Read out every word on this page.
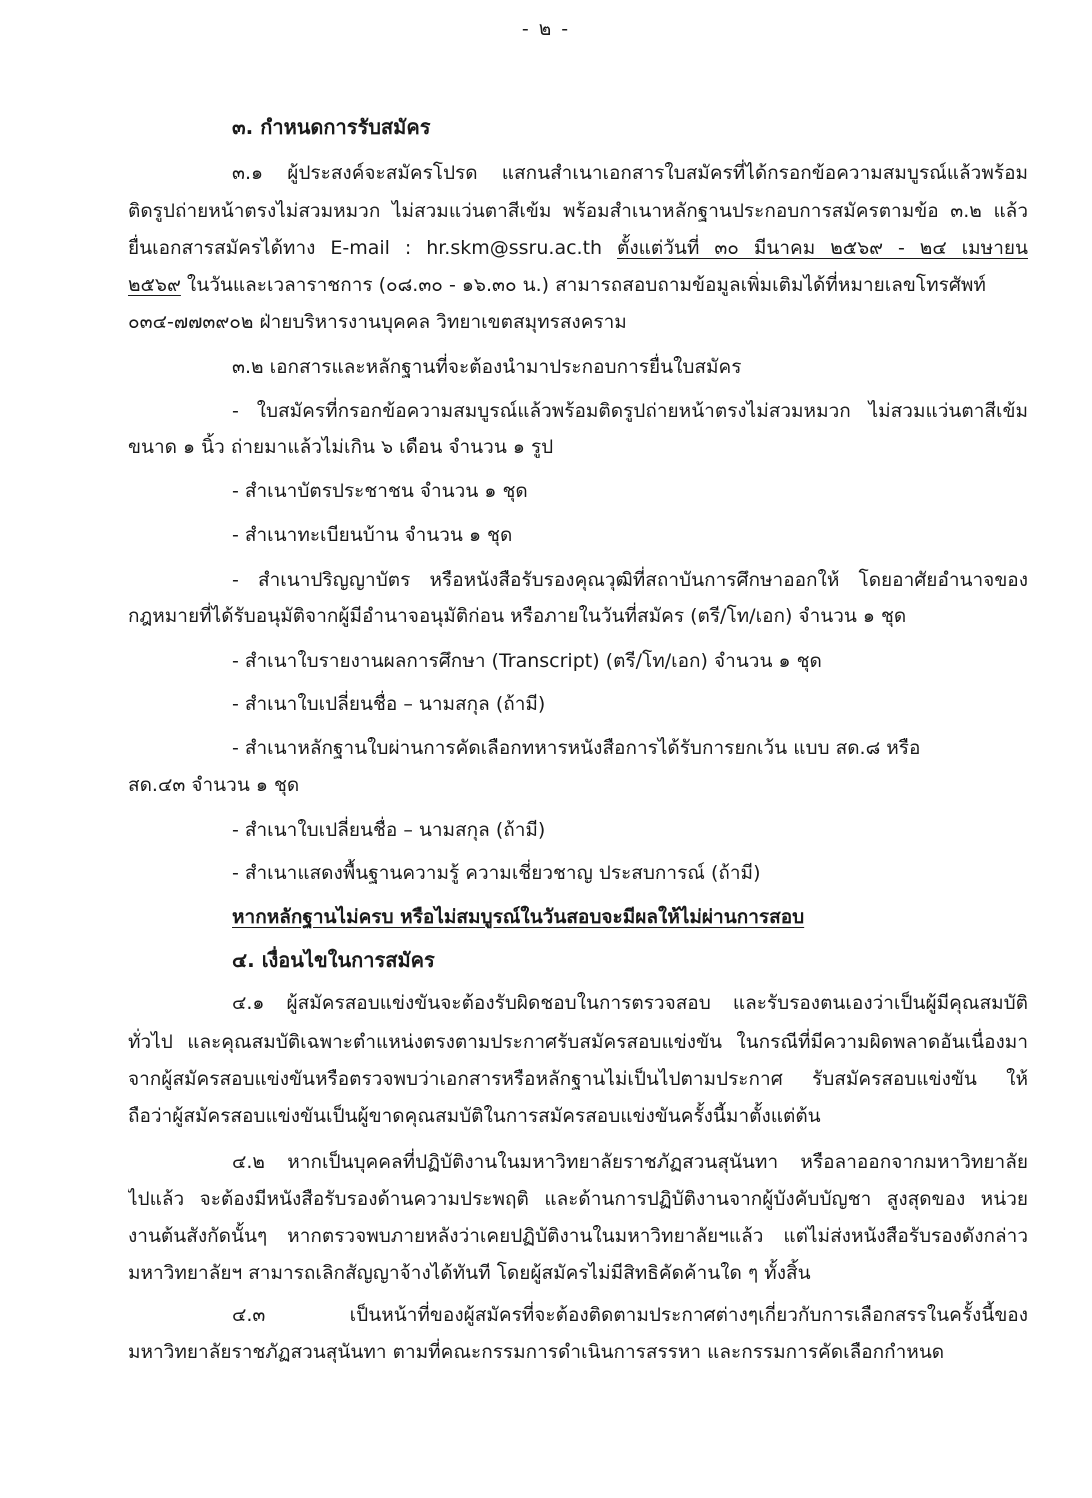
- ๒ -
๓. กำหนดการรับสมัคร
๓.๑ ผู้ประสงค์จะสมัครโปรด แสกนสำเนาเอกสารใบสมัครที่ได้กรอกข้อความสมบูรณ์แล้วพร้อม
ติดรูปถ่ายหน้าตรงไม่สวมหมวก ไม่สวมแว่นตาสีเข้ม พร้อมสำเนาหลักฐานประกอบการสมัครตามข้อ ๓.๒ แล้ว
ยื่นเอกสารสมัครได้ทาง E-mail : hr.skm@ssru.ac.th ตั้งแต่วันที่ ๓๐ มีนาคม ๒๕๖๙ - ๒๔ เมษายน
๒๕๖๙ ในวันและเวลาราชการ (๐๘.๓๐ - ๑๖.๓๐ น.) สามารถสอบถามข้อมูลเพิ่มเติมได้ที่หมายเลขโทรศัพท์
๐๓๔-๗๗๓๙๐๒ ฝ่ายบริหารงานบุคคล วิทยาเขตสมุทรสงคราม
๓.๒ เอกสารและหลักฐานที่จะต้องนำมาประกอบการยื่นใบสมัคร
- ใบสมัครที่กรอกข้อความสมบูรณ์แล้วพร้อมติดรูปถ่ายหน้าตรงไม่สวมหมวก ไม่สวมแว่นตาสีเข้ม
ขนาด ๑ นิ้ว ถ่ายมาแล้วไม่เกิน ๖ เดือน จำนวน ๑ รูป
- สำเนาบัตรประชาชน จำนวน ๑ ชุด
- สำเนาทะเบียนบ้าน จำนวน ๑ ชุด
- สำเนาปริญญาบัตร หรือหนังสือรับรองคุณวุฒิที่สถาบันการศึกษาออกให้ โดยอาศัยอำนาจของ
กฎหมายที่ได้รับอนุมัติจากผู้มีอำนาจอนุมัติก่อน หรือภายในวันที่สมัคร (ตรี/โท/เอก) จำนวน ๑ ชุด
- สำเนาใบรายงานผลการศึกษา (Transcript) (ตรี/โท/เอก) จำนวน ๑ ชุด
- สำเนาใบเปลี่ยนชื่อ – นามสกุล (ถ้ามี)
- สำเนาหลักฐานใบผ่านการคัดเลือกทหารหนังสือการได้รับการยกเว้น แบบ สด.๘ หรือ
สด.๔๓ จำนวน ๑ ชุด
- สำเนาใบเปลี่ยนชื่อ – นามสกุล (ถ้ามี)
- สำเนาแสดงพื้นฐานความรู้ ความเชี่ยวชาญ ประสบการณ์ (ถ้ามี)
หากหลักฐานไม่ครบ หรือไม่สมบูรณ์ในวันสอบจะมีผลให้ไม่ผ่านการสอบ
๔. เงื่อนไขในการสมัคร
๔.๑ ผู้สมัครสอบแข่งขันจะต้องรับผิดชอบในการตรวจสอบ และรับรองตนเองว่าเป็นผู้มีคุณสมบัติ
ทั่วไป และคุณสมบัติเฉพาะตำแหน่งตรงตามประกาศรับสมัครสอบแข่งขัน ในกรณีที่มีความผิดพลาดอันเนื่องมา
จากผู้สมัครสอบแข่งขันหรือตรวจพบว่าเอกสารหรือหลักฐานไม่เป็นไปตามประกาศ รับสมัครสอบแข่งขัน ให้
ถือว่าผู้สมัครสอบแข่งขันเป็นผู้ขาดคุณสมบัติในการสมัครสอบแข่งขันครั้งนี้มาตั้งแต่ต้น
๔.๒ หากเป็นบุคคลที่ปฏิบัติงานในมหาวิทยาลัยราชภัฏสวนสุนันทา หรือลาออกจากมหาวิทยาลัย
ไปแล้ว จะต้องมีหนังสือรับรองด้านความประพฤติ และด้านการปฏิบัติงานจากผู้บังคับบัญชา สูงสุดของ หน่วย
งานต้นสังกัดนั้นๆ หากตรวจพบภายหลังว่าเคยปฏิบัติงานในมหาวิทยาลัยฯแล้ว แต่ไม่ส่งหนังสือรับรองดังกล่าว
มหาวิทยาลัยฯ สามารถเลิกสัญญาจ้างได้ทันที โดยผู้สมัครไม่มีสิทธิคัดค้านใด ๆ ทั้งสิ้น
๔.๓ เป็นหน้าที่ของผู้สมัครที่จะต้องติดตามประกาศต่างๆเกี่ยวกับการเลือกสรรในครั้งนี้ของ
มหาวิทยาลัยราชภัฏสวนสุนันทา ตามที่คณะกรรมการดำเนินการสรรหา และกรรมการคัดเลือกกำหนด
